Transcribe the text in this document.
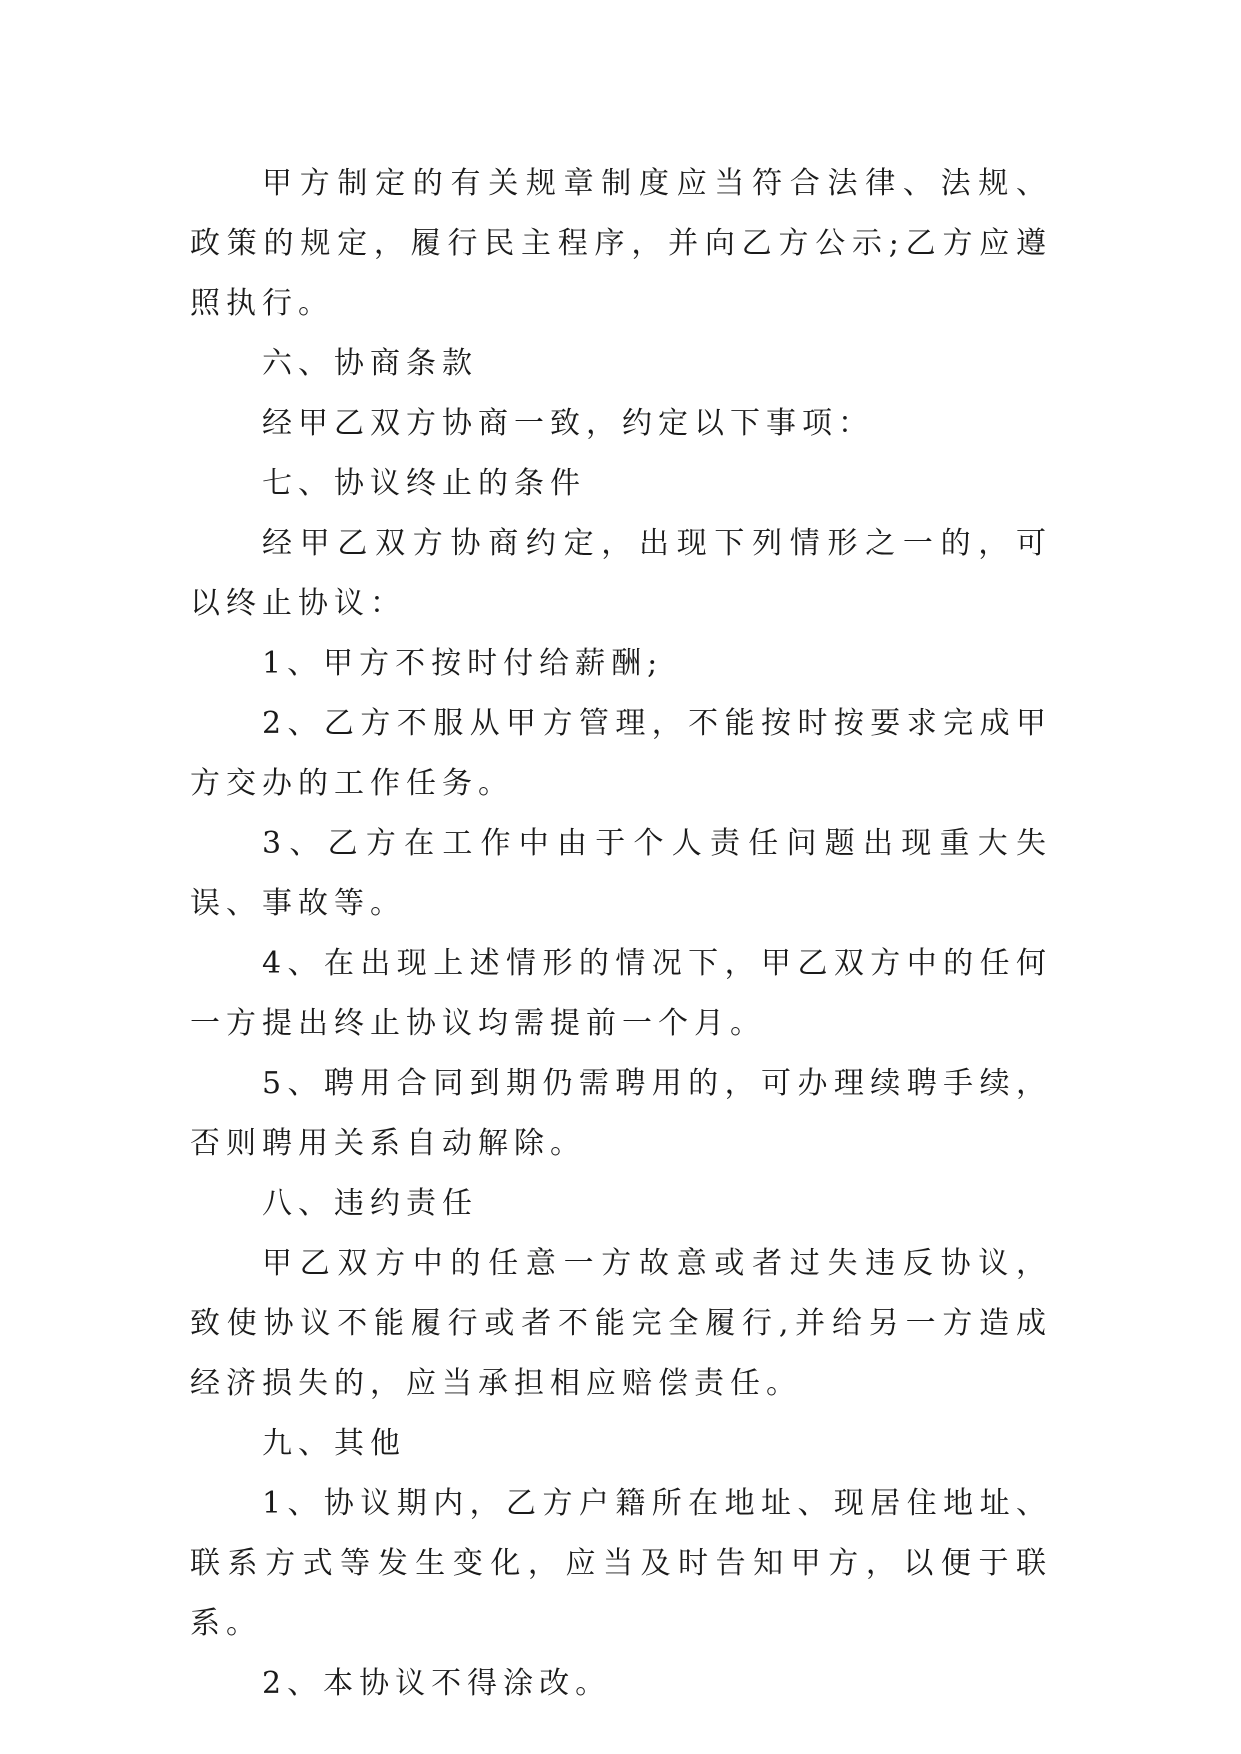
甲方制定的有关规章制度应当符合法律、法规、政策的规定，履行民主程序，并向乙方公示;乙方应遵照执行。

六、协商条款

经甲乙双方协商一致，约定以下事项：

七、协议终止的条件

经甲乙双方协商约定，出现下列情形之一的，可以终止协议：

1、甲方不按时付给薪酬;

2、乙方不服从甲方管理，不能按时按要求完成甲方交办的工作任务。

3、乙方在工作中由于个人责任问题出现重大失误、事故等。

4、在出现上述情形的情况下，甲乙双方中的任何一方提出终止协议均需提前一个月。

5、聘用合同到期仍需聘用的，可办理续聘手续，否则聘用关系自动解除。

八、违约责任

甲乙双方中的任意一方故意或者过失违反协议，致使协议不能履行或者不能完全履行,并给另一方造成经济损失的，应当承担相应赔偿责任。

九、其他

1、协议期内，乙方户籍所在地址、现居住地址、联系方式等发生变化，应当及时告知甲方，以便于联系。

2、本协议不得涂改。
